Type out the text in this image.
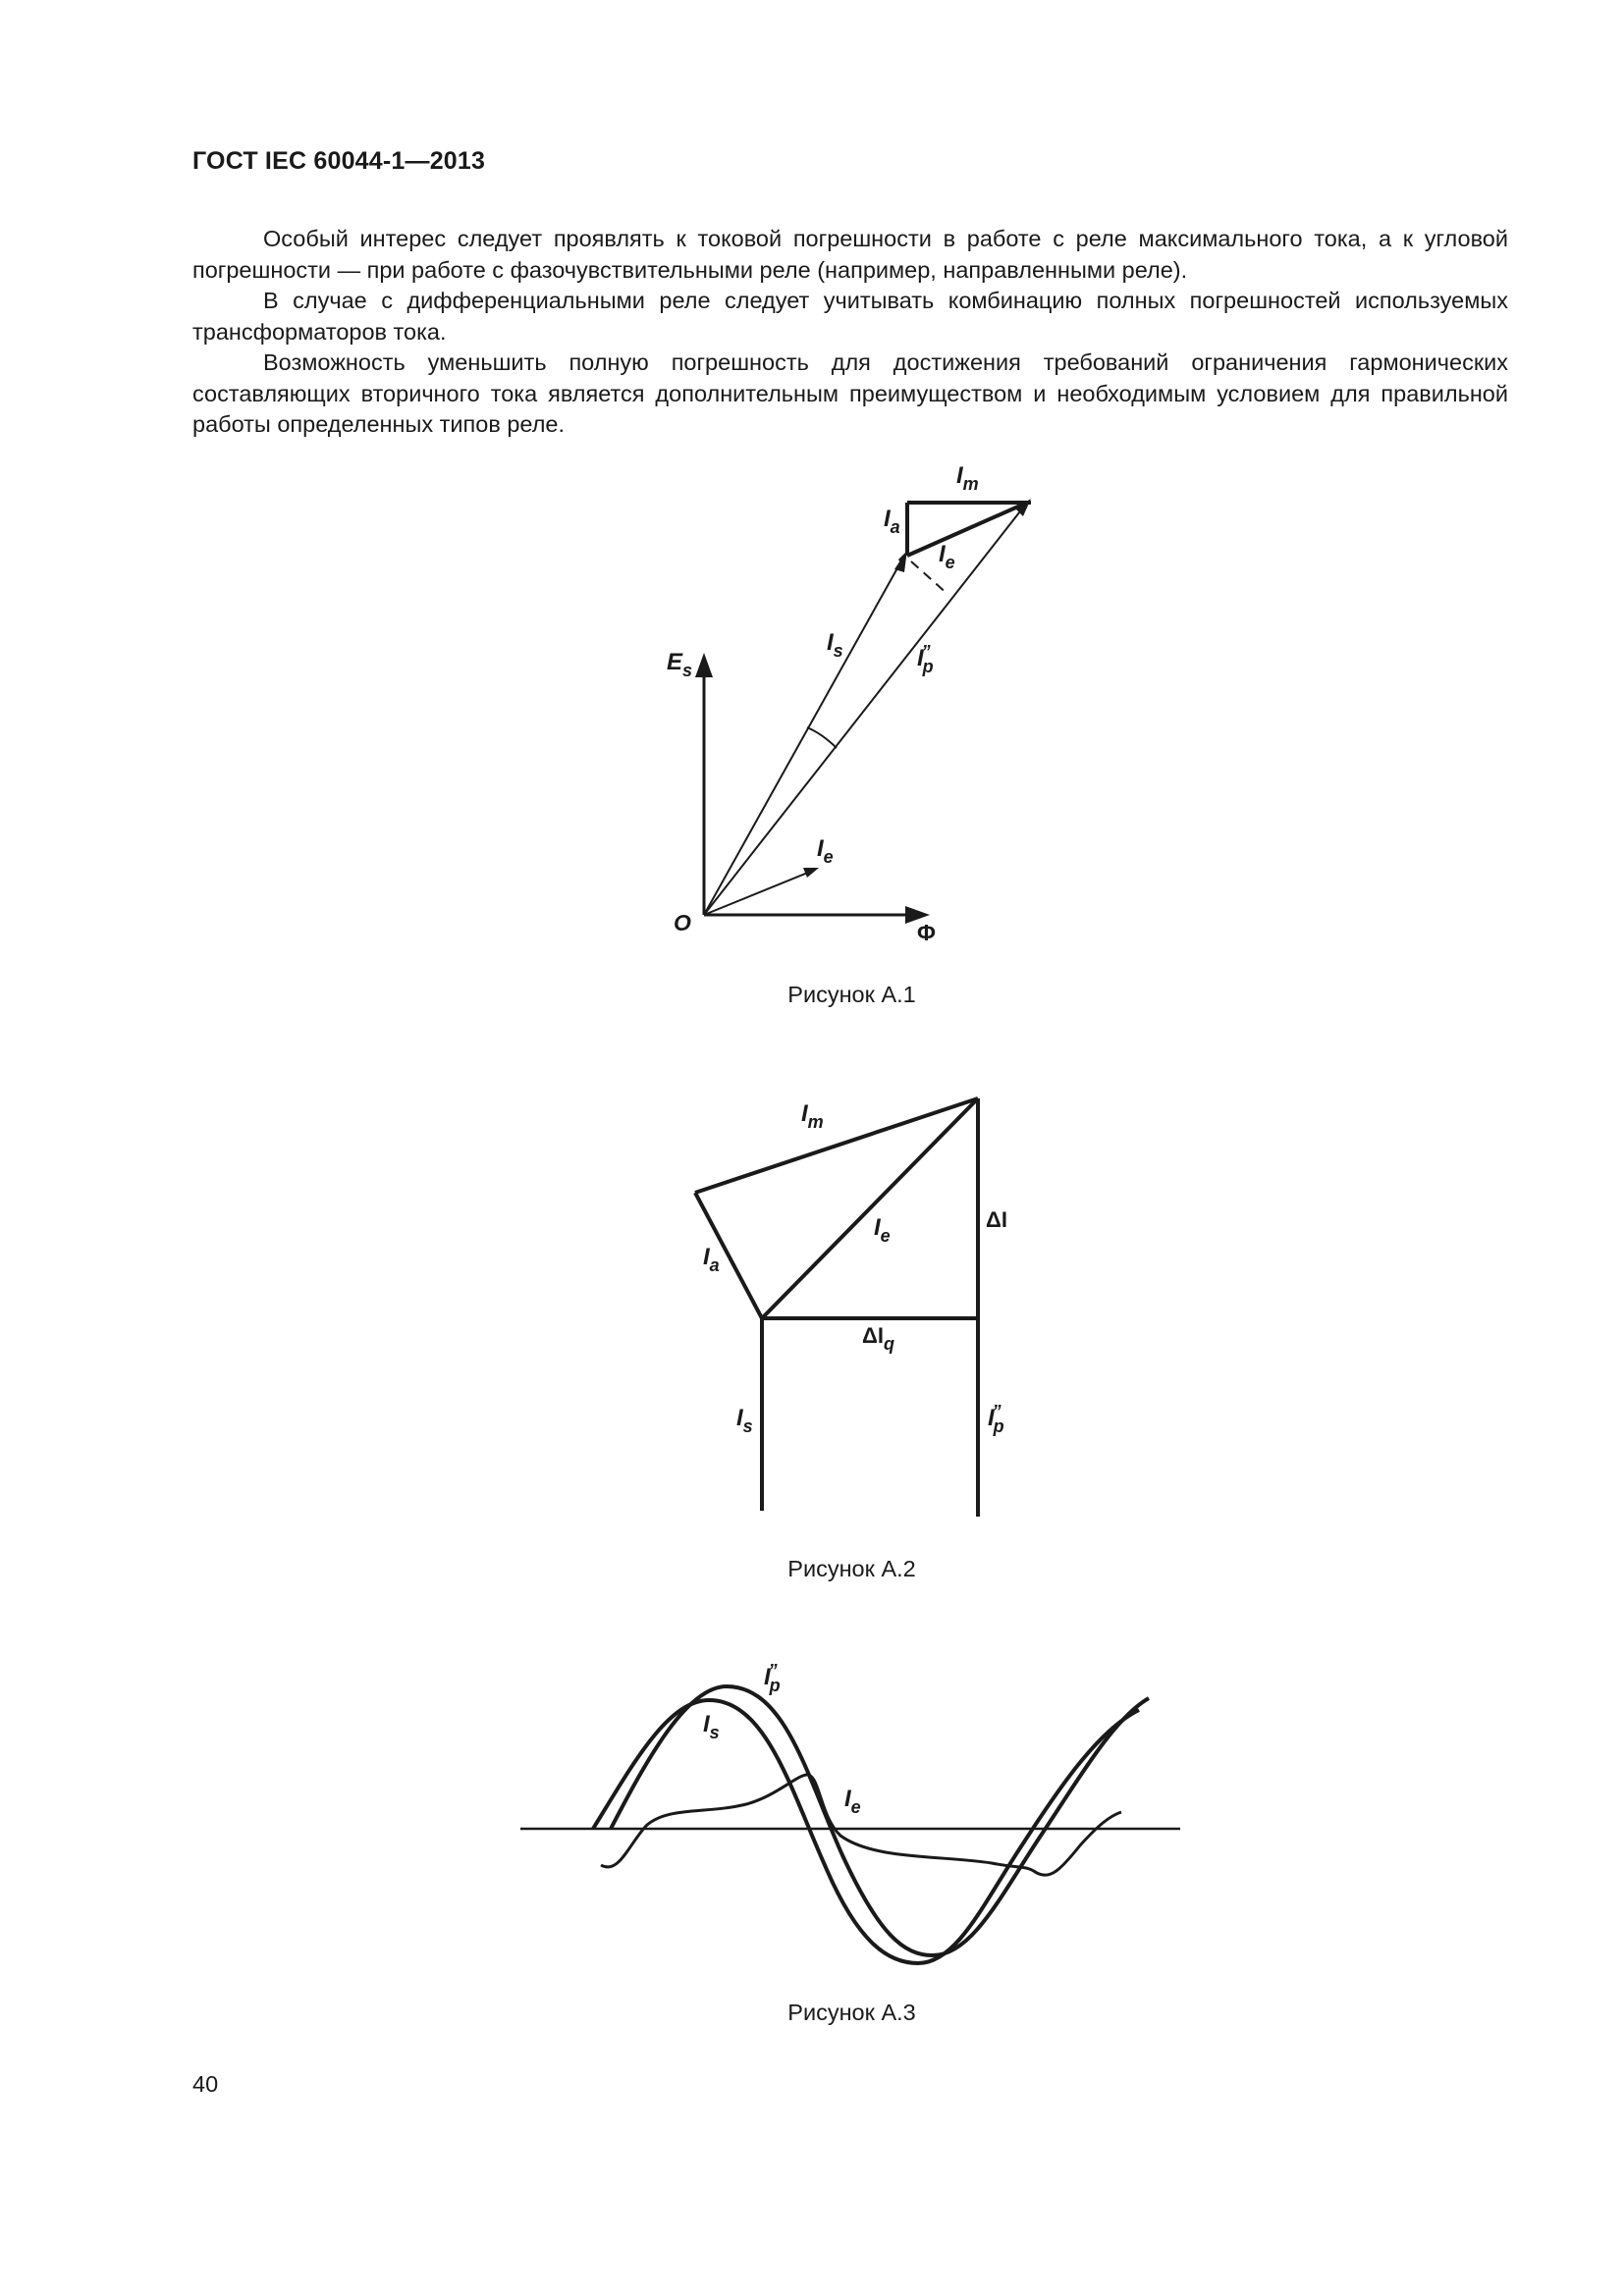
ГОСТ IEC 60044-1—2013

Особый интерес следует проявлять к токовой погрешности в работе с реле максимального тока, а к угловой погрешности — при работе с фазочувствительными реле (например, направленными реле).

В случае с дифференциальными реле следует учитывать комбинацию полных погрешностей используемых трансформаторов тока.

Возможность уменьшить полную погрешность для достижения требований ограничения гармонических составляющих вторичного тока является дополнительным преимуществом и необходимым условием для правильной работы определенных типов реле.

$I_m$
$I_a$
$I_e$
$I_s$	I” p
$E_s$
$I_e$
O	Φ
Рисунок А.1
$I_m$
$I_e$
ΔI
$I_a$
$\Delta I_q$
$I_s$	I” p
Рисунок А.2
I” p
$I_s$
$I_e$
Рисунок А.3
40
